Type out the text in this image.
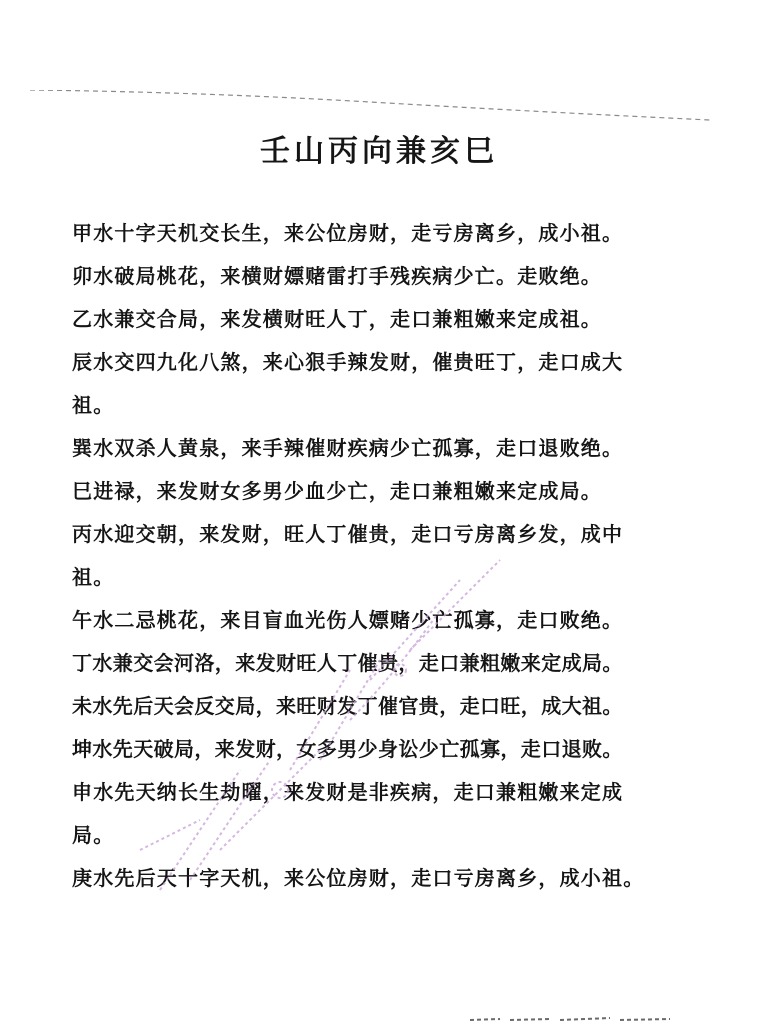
壬山丙向兼亥巳
甲水十字天机交长生，来公位房财，走亏房离乡，成小祖。
卯水破局桃花，来横财嫖赌雷打手残疾病少亡。走败绝。
乙水兼交合局，来发横财旺人丁，走口兼粗嫩来定成祖。
辰水交四九化八煞，来心狠手辣发财，催贵旺丁，走口成大
祖。
巽水双杀人黄泉，来手辣催财疾病少亡孤寡，走口退败绝。
巳进禄，来发财女多男少血少亡，走口兼粗嫩来定成局。
丙水迎交朝，来发财，旺人丁催贵，走口亏房离乡发，成中
祖。
午水二忌桃花，来目盲血光伤人嫖赌少亡孤寡，走口败绝。
丁水兼交会河洛，来发财旺人丁催贵，走口兼粗嫩来定成局。
未水先后天会反交局，来旺财发丁催官贵，走口旺，成大祖。
坤水先天破局，来发财，女多男少身讼少亡孤寡，走口退败。
申水先天纳长生劫曜，来发财是非疾病，走口兼粗嫩来定成
局。
庚水先后天十字天机，来公位房财，走口亏房离乡，成小祖。
